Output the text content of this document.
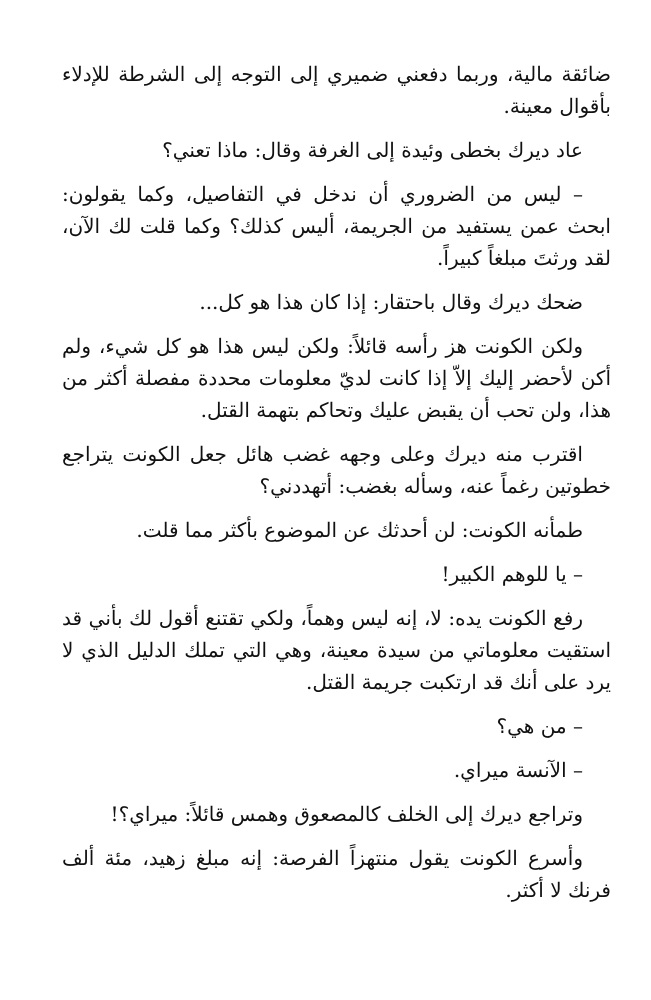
ضائقة مالية، وربما دفعني ضميري إلى التوجه إلى الشرطة للإدلاء بأقوال معينة.

عاد ديرك بخطى وئيدة إلى الغرفة وقال: ماذا تعني؟

– ليس من الضروري أن ندخل في التفاصيل، وكما يقولون: ابحث عمن يستفيد من الجريمة، أليس كذلك؟ وكما قلت لك الآن، لقد ورثتَ مبلغاً كبيراً.

ضحك ديرك وقال باحتقار: إذا كان هذا هو كل...

ولكن الكونت هز رأسه قائلاً: ولكن ليس هذا هو كل شيء، ولم أكن لأحضر إليك إلاّ إذا كانت لديّ معلومات محددة مفصلة أكثر من هذا، ولن تحب أن يقبض عليك وتحاكم بتهمة القتل.

اقترب منه ديرك وعلى وجهه غضب هائل جعل الكونت يتراجع خطوتين رغماً عنه، وسأله بغضب: أتهددني؟

طمأنه الكونت: لن أحدثك عن الموضوع بأكثر مما قلت.

– يا للوهم الكبير!

رفع الكونت يده: لا، إنه ليس وهماً، ولكي تقتنع أقول لك بأني قد استقيت معلوماتي من سيدة معينة، وهي التي تملك الدليل الذي لا يرد على أنك قد ارتكبت جريمة القتل.

– من هي؟

– الآنسة ميراي.

وتراجع ديرك إلى الخلف كالمصعوق وهمس قائلاً: ميراي؟!

وأسرع الكونت يقول منتهزاً الفرصة: إنه مبلغ زهيد، مئة ألف فرنك لا أكثر.
